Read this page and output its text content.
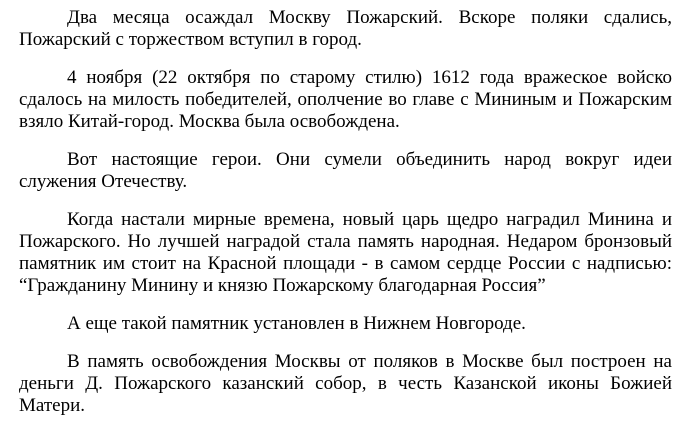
Два месяца осаждал Москву Пожарский. Вскоре поляки сдались, Пожарский с торжеством вступил в город.

4 ноября (22 октября по старому стилю) 1612 года вражеское войско сдалось на милость победителей, ополчение во главе с Мининым и Пожарским взяло Китай-город. Москва была освобождена.

Вот настоящие герои. Они сумели объединить народ вокруг идеи служения Отечеству.

Когда настали мирные времена, новый царь щедро наградил Минина и Пожарского. Но лучшей наградой стала память народная. Недаром бронзовый памятник им стоит на Красной площади - в самом сердце России с надписью: “Гражданину Минину и князю Пожарскому благодарная Россия”

А еще такой памятник установлен в Нижнем Новгороде.

В память освобождения Москвы от поляков в Москве был построен на деньги Д. Пожарского казанский собор, в честь Казанской иконы Божией Матери.
